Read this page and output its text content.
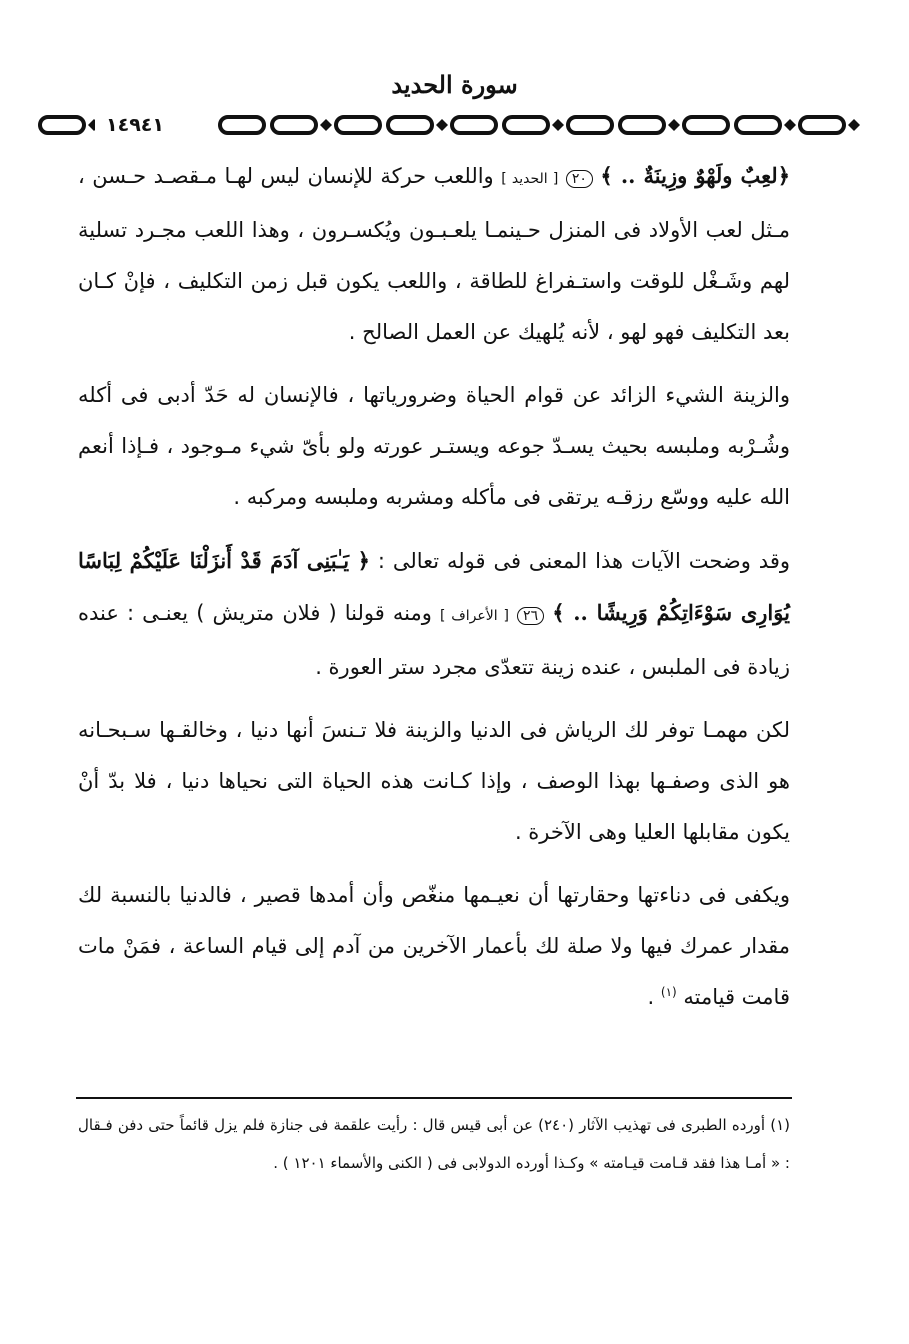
سورة الحديد
١٤٩٤١

﴿لعِبٌ ولَهْوٌ وزِينَةٌ .. ﴾ ٢٠ [ الحديد ] واللعب حركة للإنسان ليس لهـا مـقصـد حـسن ، مـثل لعب الأولاد فى المنزل حـينمـا يلعـبـون ويُكسـرون ، وهذا اللعب مجـرد تسلية لهم وشَـغْل للوقت واستـفراغ للطاقة ، واللعب يكون قبل زمن التكليف ، فإنْ كـان بعد التكليف فهو لهو ، لأنه يُلهيك عن العمل الصالح .

والزينة الشيء الزائد عن قوام الحياة وضرورياتها ، فالإنسان له حَدّ أدبى فى أكله وشُـرْبه وملبسه بحيث يسـدّ جوعه ويستـر عورته ولو بأىّ شيء مـوجود ، فـإذا أنعم الله عليه ووسّع رزقـه يرتقى فى مأكله ومشربه وملبسه ومركبه .

وقد وضحت الآيات هذا المعنى فى قوله تعالى : ﴿ يَـٰبَنِى آدَمَ قَدْ أَنزَلْنَا عَلَيْكُمْ لِبَاسًا يُوَارِى سَوْءَاتِكُمْ وَرِيشًا .. ﴾ ٢٦ [ الأعراف ] ومنه قولنا ( فلان متريش ) يعنـى : عنده زيادة فى الملبس ، عنده زينة تتعدّى مجرد ستر العورة .

لكن مهمـا توفر لك الرياش فى الدنيا والزينة فلا تـنسَ أنها دنيا ، وخالقـها سـبحـانه هو الذى وصفـها بهذا الوصف ، وإذا كـانت هذه الحياة التى نحياها دنيا ، فلا بدّ أنْ يكون مقابلها العليا وهى الآخرة .

ويكفى فى دناءتها وحقارتها أن نعيـمها منغّص وأن أمدها قصير ، فالدنيا بالنسبة لك مقدار عمرك فيها ولا صلة لك بأعمار الآخرين من آدم إلى قيام الساعة ، فمَنْ مات قامت قيامته $^{(١)}$ .

(١) أورده الطبرى فى تهذيب الآثار (٢٤٠) عن أبى قيس قال : رأيت علقمة فى جنازة فلم يزل قائماً حتى دفن فـقال : « أمـا هذا فقد قـامت قيـامته » وكـذا أورده الدولابى فى ( الكنى والأسماء ١٢٠١ ) .
